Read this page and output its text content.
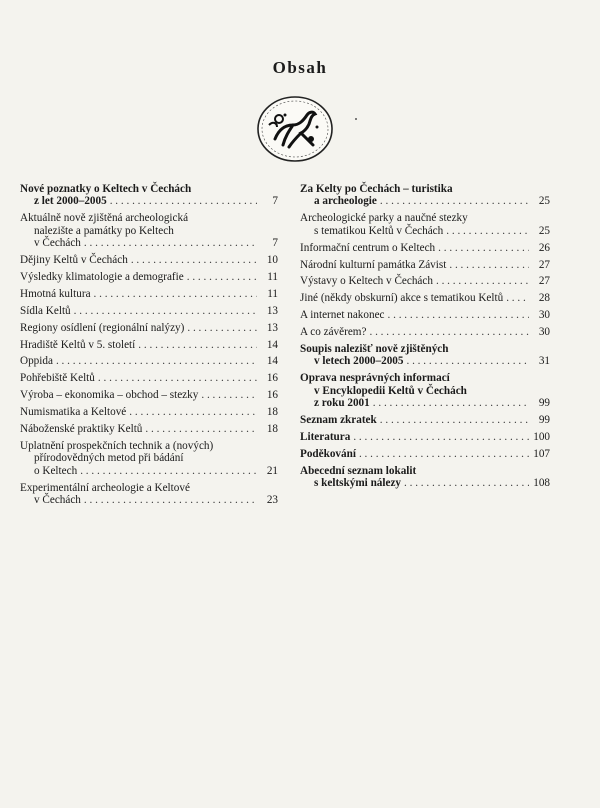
Obsah
Nové poznatky o Keltech v Čechách
z let 2000–2005 . . .	7
Aktuálně nově zjištěná archeologická
nalezište a památky po Keltech
v Čechách . . .	7
Dějiny Keltů v Čechách . . .	10
Výsledky klimatologie a demografie . . .	11
Hmotná kultura . . .	11
Sídla Keltů . . .	13
Regiony osídlení (regionální nalýzy) . . .	13
Hradiště Keltů v 5. století . . .	14
Oppida . . .	14
Pohřebiště Keltů . . .	16
Výroba – ekonomika – obchod – stezky . . .	16
Numismatika a Keltové . . .	18
Náboženské praktiky Keltů . . .	18
Uplatnění prospekčních technik a (nových)
přírodovědných metod při bádání
o Keltech . . .	21
Experimentální archeologie a Keltové
v Čechách . . .	23
Za Kelty po Čechách – turistika
a archeologie . . .	25
Archeologické parky a naučné stezky
s tematikou Keltů v Čechách . . .	25
Informační centrum o Keltech . . .	26
Národní kulturní památka Závist . . .	27
Výstavy o Keltech v Čechách . . .	27
Jiné (někdy obskurní) akce s tematikou Keltů . . .	28
A internet nakonec . . .	30
A co závěrem? . . .	30
Soupis nalezišť nově zjištěných
v letech 2000–2005 . . .	31
Oprava nesprávných informací
v Encyklopedii Keltů v Čechách
z roku 2001 . . .	99
Seznam zkratek . . .	99
Literatura . . .	100
Poděkování . . .	107
Abecední seznam lokalit
s keltskými nálezy . . .	108
